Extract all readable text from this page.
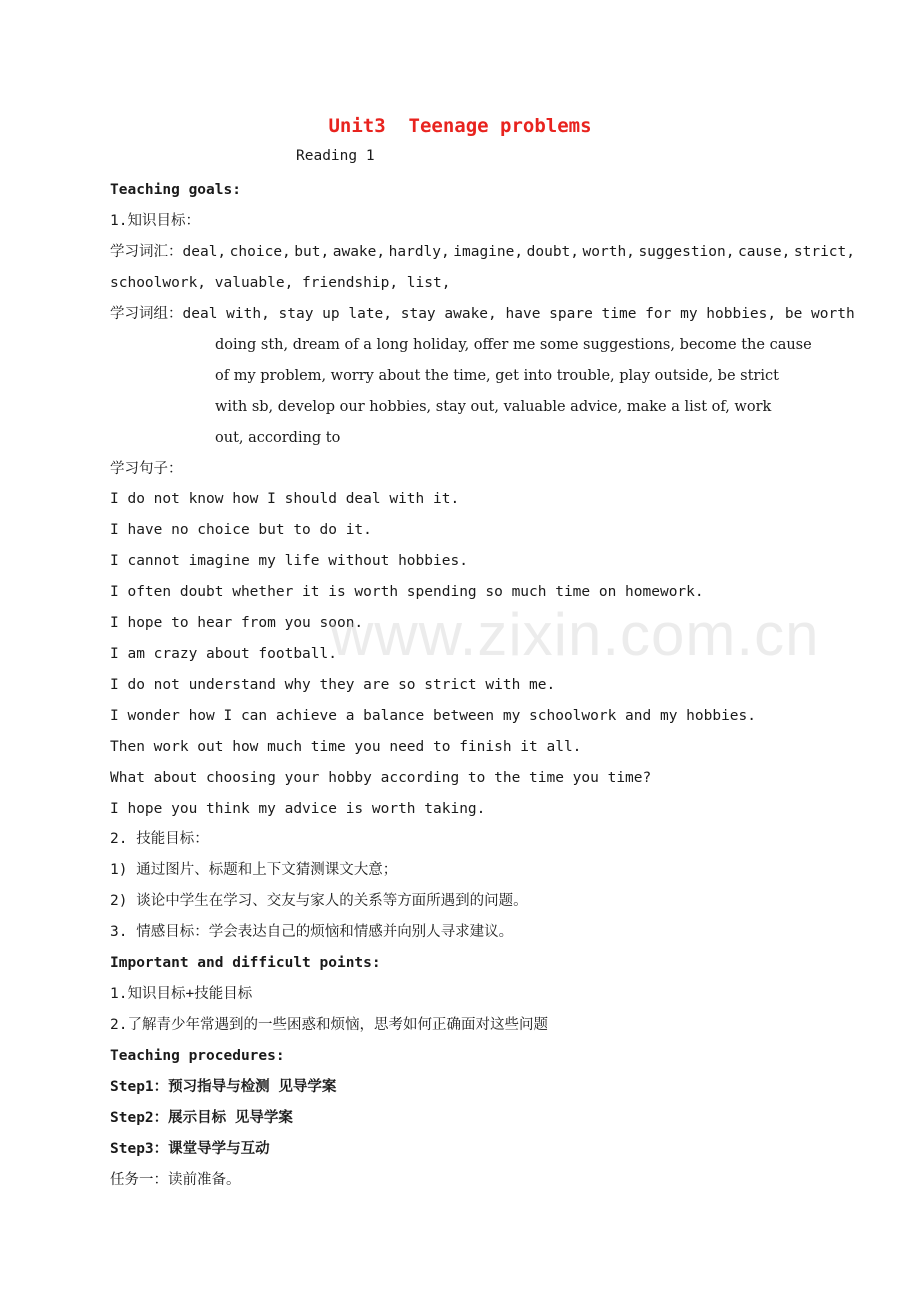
Unit3  Teenage problems
Reading 1
Teaching goals:
1.知识目标：
学习词汇：deal, choice, but, awake, hardly, imagine, doubt, worth, suggestion, cause, strict,
schoolwork, valuable, friendship, list,
学习词组：deal with, stay up late, stay awake, have spare time for my hobbies, be worth
doing sth, dream of a long holiday, offer me some suggestions, become the cause
of my problem, worry about the time, get into trouble, play outside, be strict
with sb, develop our hobbies, stay out, valuable advice, make a list of, work
out, according to
学习句子：
I do not know how I should deal with it.
I have no choice but to do it.
I cannot imagine my life without hobbies.
I often doubt whether it is worth spending so much time on homework.
I hope to hear from you soon.
I am crazy about football.
I do not understand why they are so strict with me.
I wonder how I can achieve a balance between my schoolwork and my hobbies.
Then work out how much time you need to finish it all.
What about choosing your hobby according to the time you time?
I hope you think my advice is worth taking.
2. 技能目标：
1) 通过图片、标题和上下文猜测课文大意；
2) 谈论中学生在学习、交友与家人的关系等方面所遇到的问题。
3. 情感目标：学会表达自己的烦恼和情感并向别人寻求建议。
Important and difficult points:
1.知识目标+技能目标
2.了解青少年常遇到的一些困惑和烦恼，思考如何正确面对这些问题
Teaching procedures:
Step1：预习指导与检测 见导学案
Step2：展示目标 见导学案
Step3：课堂导学与互动
任务一：读前准备。
www.zixin.com.cn
